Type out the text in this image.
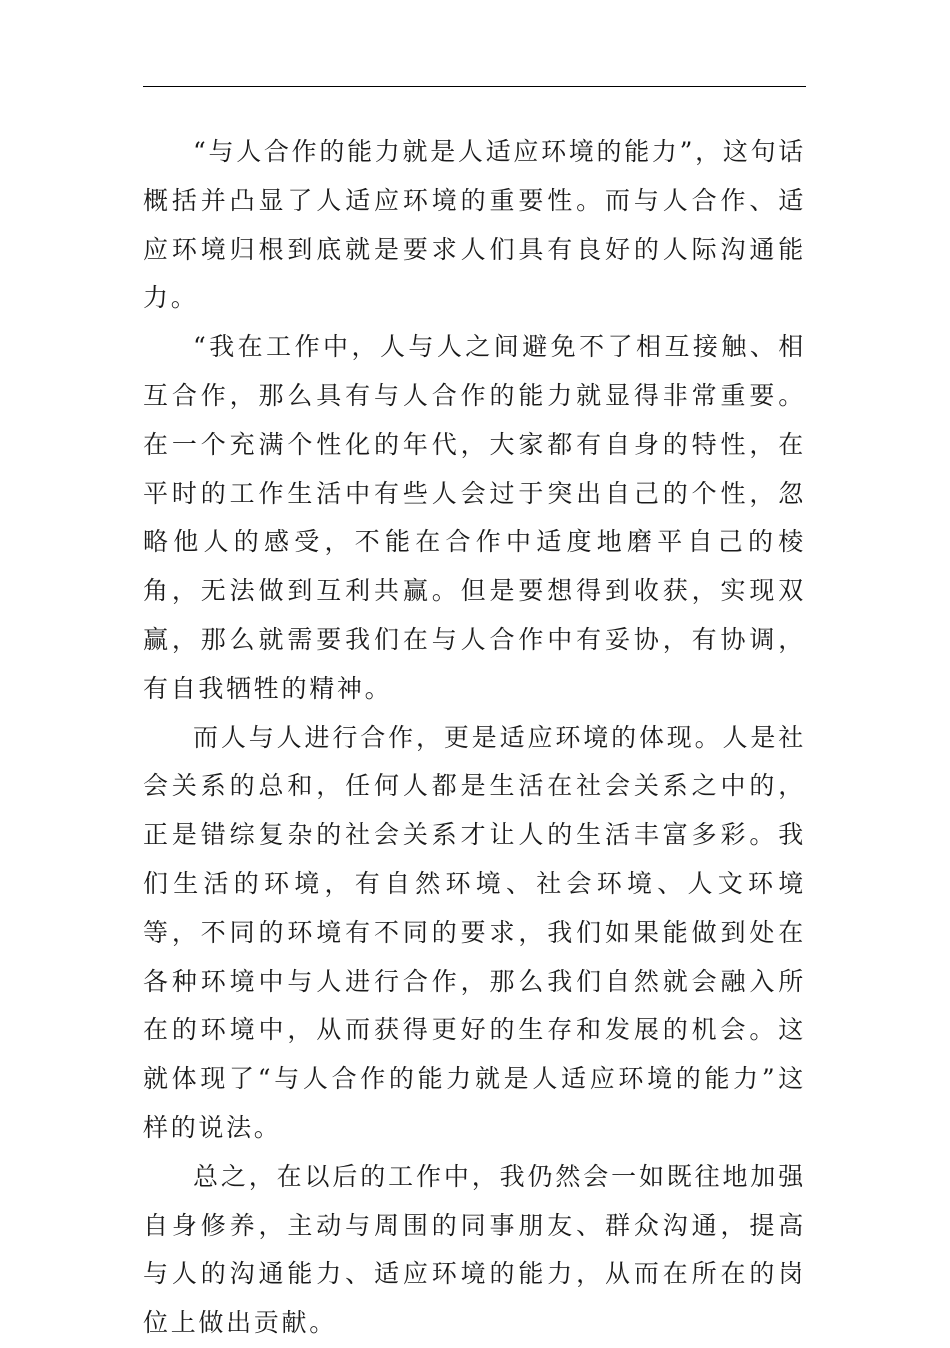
“与人合作的能力就是人适应环境的能力”，这句话概括并凸显了人适应环境的重要性。而与人合作、适应环境归根到底就是要求人们具有良好的人际沟通能力。

“我在工作中，人与人之间避免不了相互接触、相互合作，那么具有与人合作的能力就显得非常重要。在一个充满个性化的年代，大家都有自身的特性，在平时的工作生活中有些人会过于突出自己的个性，忽略他人的感受，不能在合作中适度地磨平自己的棱角，无法做到互利共赢。但是要想得到收获，实现双赢，那么就需要我们在与人合作中有妥协，有协调，有自我牺牲的精神。

而人与人进行合作，更是适应环境的体现。人是社会关系的总和，任何人都是生活在社会关系之中的，正是错综复杂的社会关系才让人的生活丰富多彩。我们生活的环境，有自然环境、社会环境、人文环境等，不同的环境有不同的要求，我们如果能做到处在各种环境中与人进行合作，那么我们自然就会融入所在的环境中，从而获得更好的生存和发展的机会。这就体现了“与人合作的能力就是人适应环境的能力”这样的说法。

总之，在以后的工作中，我仍然会一如既往地加强自身修养，主动与周围的同事朋友、群众沟通，提高与人的沟通能力、适应环境的能力，从而在所在的岗位上做出贡献。
